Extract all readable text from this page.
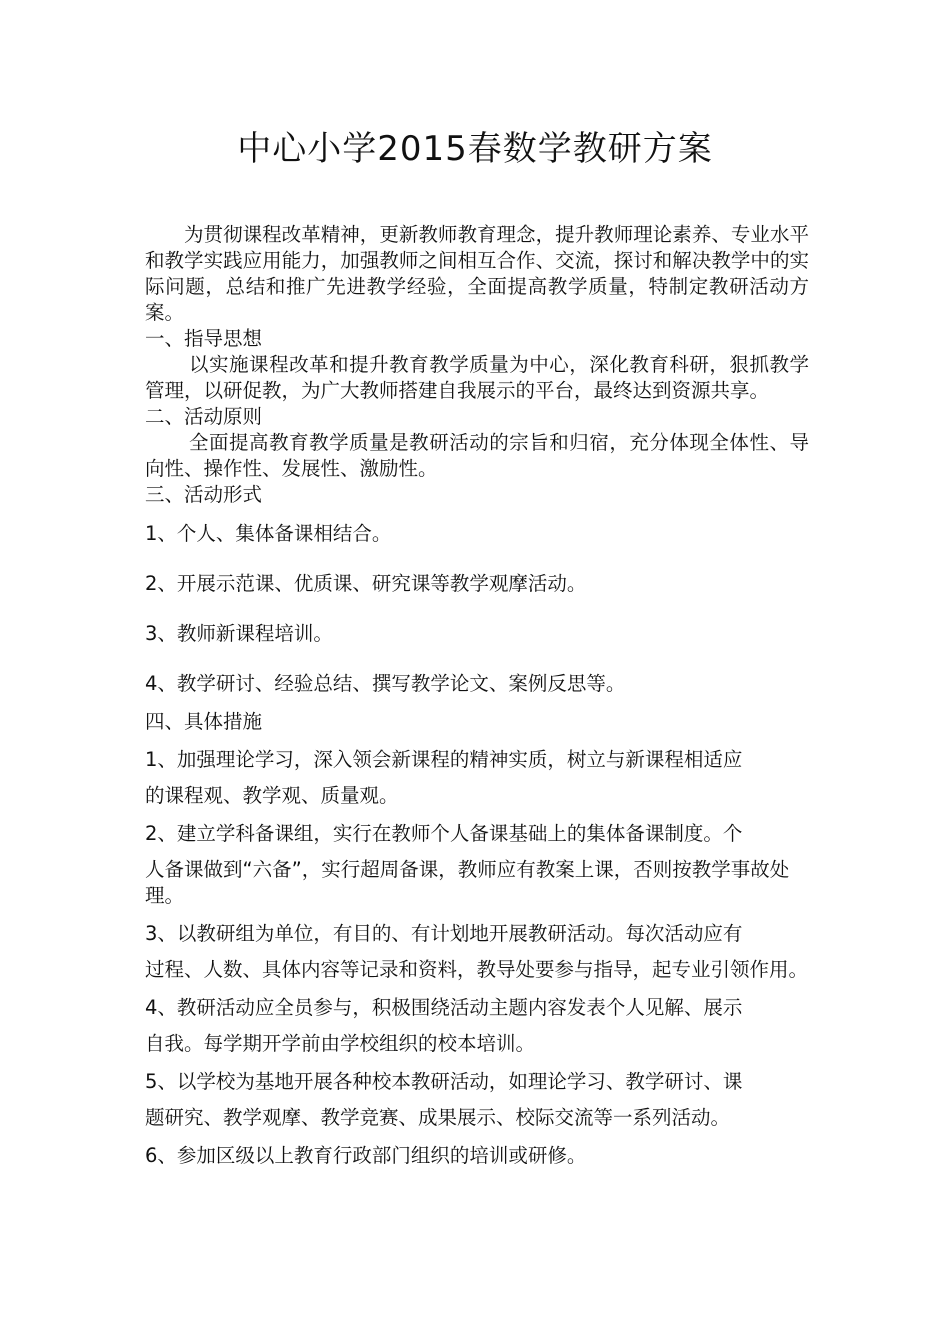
中心小学2015春数学教研方案

为贯彻课程改革精神，更新教师教育理念，提升教师理论素养、专业水平和教学实践应用能力，加强教师之间相互合作、交流，探讨和解决教学中的实际问题，总结和推广先进教学经验，全面提高教学质量，特制定教研活动方案。

一、指导思想

以实施课程改革和提升教育教学质量为中心，深化教育科研，狠抓教学管理，以研促教，为广大教师搭建自我展示的平台，最终达到资源共享。

二、活动原则

全面提高教育教学质量是教研活动的宗旨和归宿，充分体现全体性、导向性、操作性、发展性、激励性。

三、活动形式

1、个人、集体备课相结合。

2、开展示范课、优质课、研究课等教学观摩活动。

3、教师新课程培训。

4、教学研讨、经验总结、撰写教学论文、案例反思等。

四、具体措施

1、加强理论学习，深入领会新课程的精神实质，树立与新课程相适应
的课程观、教学观、质量观。
2、建立学科备课组，实行在教师个人备课基础上的集体备课制度。个
人备课做到“六备”，实行超周备课，教师应有教案上课，否则按教学事故处理。
3、以教研组为单位，有目的、有计划地开展教研活动。每次活动应有
过程、人数、具体内容等记录和资料，教导处要参与指导，起专业引领作用。
4、教研活动应全员参与，积极围绕活动主题内容发表个人见解、展示
自我。每学期开学前由学校组织的校本培训。
5、以学校为基地开展各种校本教研活动，如理论学习、教学研讨、课
题研究、教学观摩、教学竞赛、成果展示、校际交流等一系列活动。
6、参加区级以上教育行政部门组织的培训或研修。
